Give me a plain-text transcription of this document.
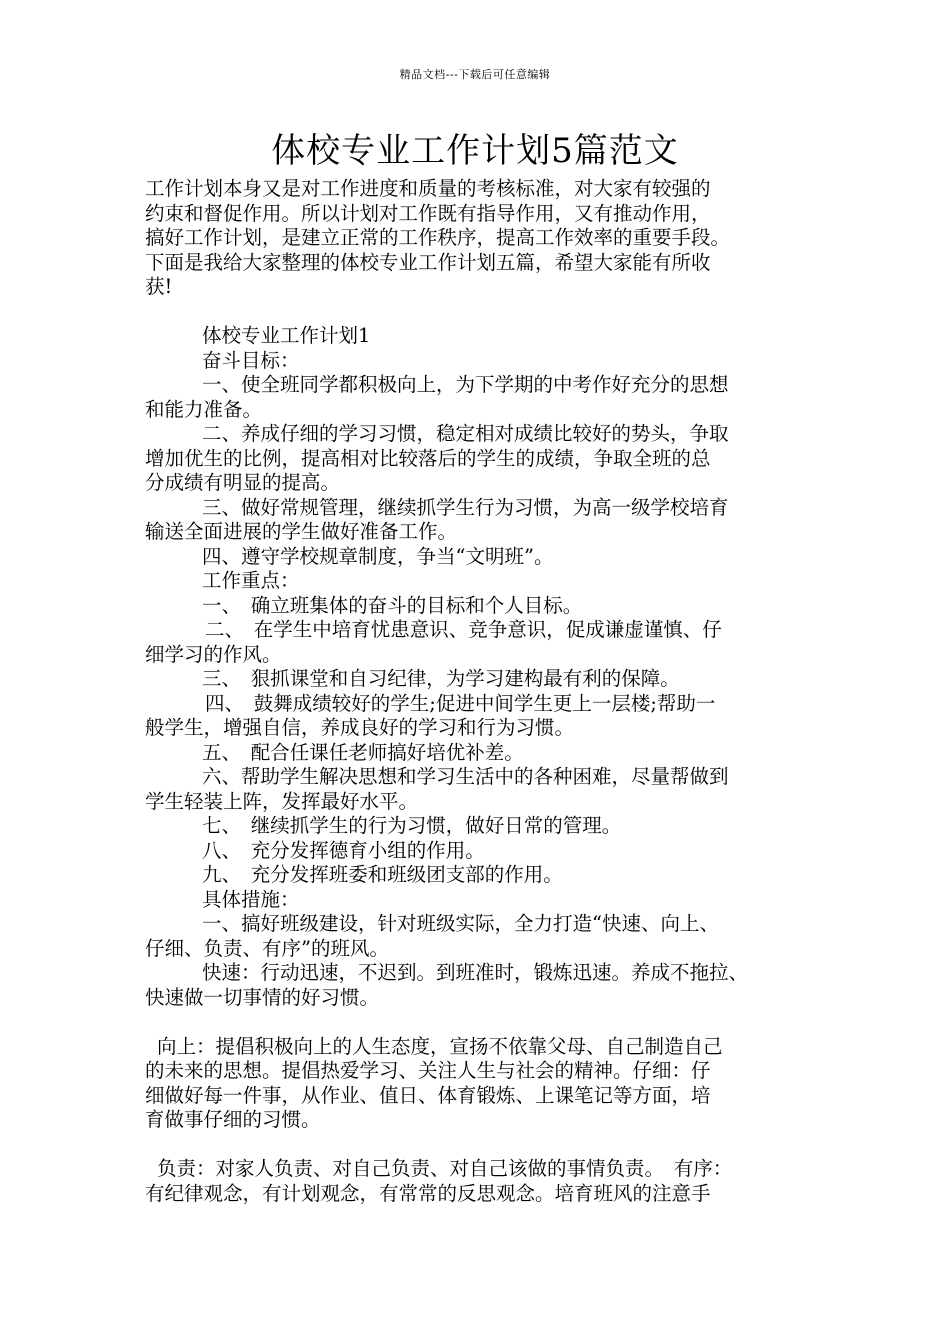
精品文档---下载后可任意编辑
体校专业工作计划5篇范文

工作计划本身又是对工作进度和质量的考核标准，对大家有较强的

约束和督促作用。所以计划对工作既有指导作用，又有推动作用，

搞好工作计划，是建立正常的工作秩序，提高工作效率的重要手段。

下面是我给大家整理的体校专业工作计划五篇，希望大家能有所收

获!

体校专业工作计划1

奋斗目标：

一、使全班同学都积极向上，为下学期的中考作好充分的思想

和能力准备。

二、养成仔细的学习习惯，稳定相对成绩比较好的势头，争取

增加优生的比例，提高相对比较落后的学生的成绩，争取全班的总

分成绩有明显的提高。

三、做好常规管理，继续抓学生行为习惯，为高一级学校培育

输送全面进展的学生做好准备工作。

四、遵守学校规章制度，争当“文明班”。

工作重点：

一、　确立班集体的奋斗的目标和个人目标。

二、　在学生中培育忧患意识、竞争意识，促成谦虚谨慎、仔

细学习的作风。

三、　狠抓课堂和自习纪律，为学习建构最有利的保障。

四、　鼓舞成绩较好的学生;促进中间学生更上一层楼;帮助一

般学生，增强自信，养成良好的学习和行为习惯。

五、　配合任课任老师搞好培优补差。

六、帮助学生解决思想和学习生活中的各种困难，尽量帮做到

学生轻装上阵，发挥最好水平。

七、　继续抓学生的行为习惯，做好日常的管理。

八、　充分发挥德育小组的作用。

九、　充分发挥班委和班级团支部的作用。

具体措施：

一、搞好班级建设，针对班级实际，全力打造“快速、向上、

仔细、负责、有序”的班风。

快速：行动迅速，不迟到。到班准时，锻炼迅速。养成不拖拉、

快速做一切事情的好习惯。

向上：提倡积极向上的人生态度，宣扬不依靠父母、自己制造自己

的未来的思想。提倡热爱学习、关注人生与社会的精神。仔细：仔

细做好每一件事，从作业、值日、体育锻炼、上课笔记等方面，培

育做事仔细的习惯。

负责：对家人负责、对自己负责、对自己该做的事情负责。　有序：

有纪律观念，有计划观念，有常常的反思观念。培育班风的注意手
